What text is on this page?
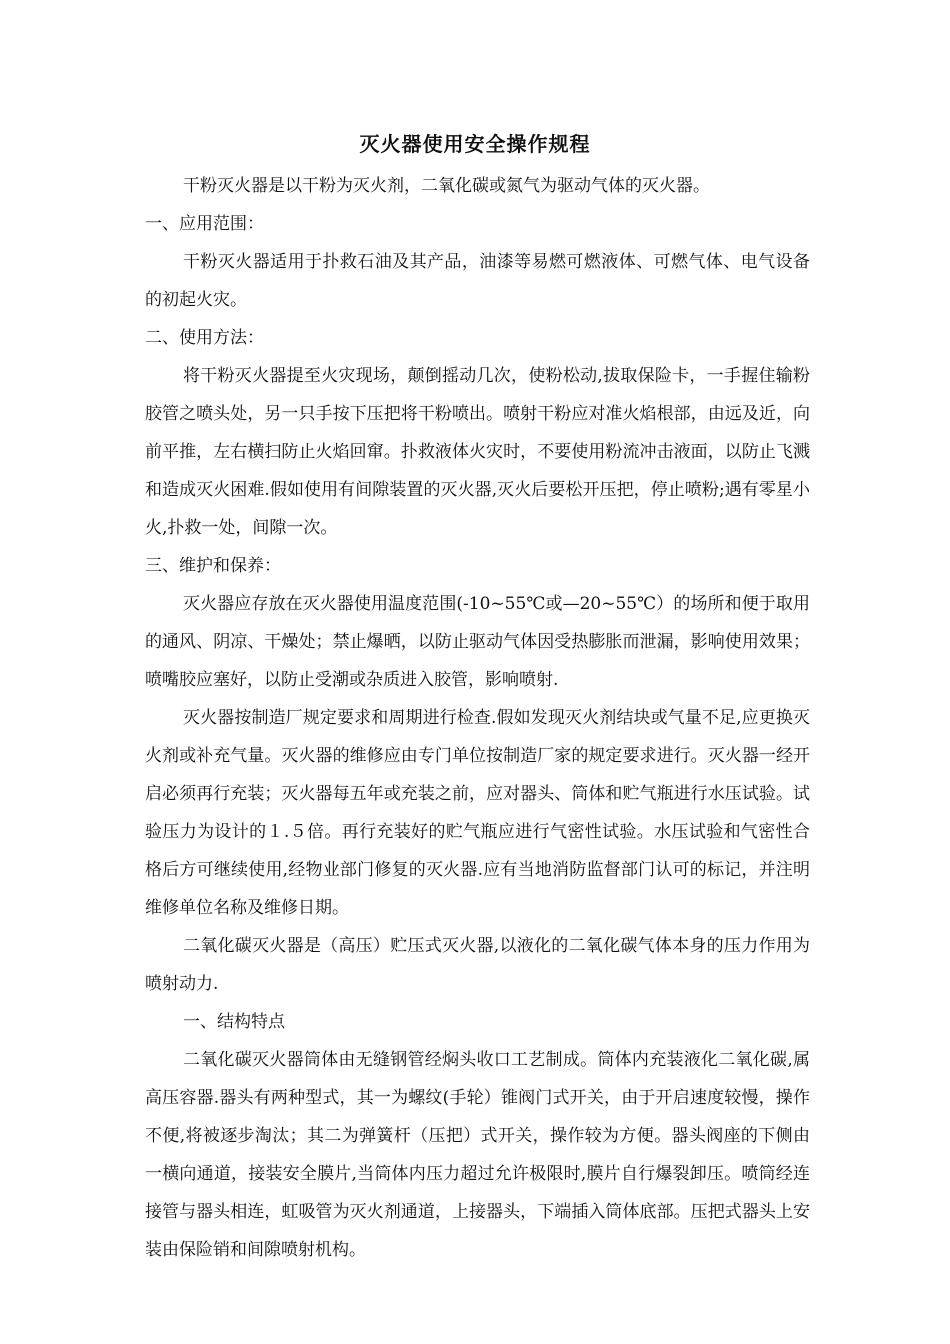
灭火器使用安全操作规程

干粉灭火器是以干粉为灭火剂，二氧化碳或氮气为驱动气体的灭火器。

一、应用范围：

干粉灭火器适用于扑救石油及其产品，油漆等易燃可燃液体、可燃气体、电气设备的初起火灾。

二、使用方法：

将干粉灭火器提至火灾现场，颠倒摇动几次，使粉松动,拔取保险卡，一手握住输粉胶管之喷头处，另一只手按下压把将干粉喷出。喷射干粉应对准火焰根部，由远及近，向前平推，左右横扫防止火焰回窜。扑救液体火灾时，不要使用粉流冲击液面，以防止飞溅和造成灭火困难.假如使用有间隙装置的灭火器,灭火后要松开压把，停止喷粉;遇有零星小火,扑救一处，间隙一次。

三、维护和保养：

灭火器应存放在灭火器使用温度范围(-10~55℃或—20~55℃）的场所和便于取用的通风、阴凉、干燥处；禁止爆晒，以防止驱动气体因受热膨胀而泄漏，影响使用效果；喷嘴胶应塞好，以防止受潮或杂质进入胶管，影响喷射.

灭火器按制造厂规定要求和周期进行检查.假如发现灭火剂结块或气量不足,应更换灭火剂或补充气量。灭火器的维修应由专门单位按制造厂家的规定要求进行。灭火器一经开启必须再行充装；灭火器每五年或充装之前，应对器头、筒体和贮气瓶进行水压试验。试验压力为设计的１.５倍。再行充装好的贮气瓶应进行气密性试验。水压试验和气密性合格后方可继续使用,经物业部门修复的灭火器.应有当地消防监督部门认可的标记，并注明维修单位名称及维修日期。

二氧化碳灭火器是（高压）贮压式灭火器,以液化的二氧化碳气体本身的压力作用为喷射动力.

一、结构特点

二氧化碳灭火器筒体由无缝钢管经焖头收口工艺制成。筒体内充装液化二氧化碳,属高压容器.器头有两种型式，其一为螺纹(手轮）锥阀门式开关，由于开启速度较慢，操作不便,将被逐步淘汰；其二为弹簧杆（压把）式开关，操作较为方便。器头阀座的下侧由一横向通道，接装安全膜片,当筒体内压力超过允许极限时,膜片自行爆裂卸压。喷筒经连接管与器头相连，虹吸管为灭火剂通道，上接器头，下端插入筒体底部。压把式器头上安装由保险销和间隙喷射机构。
